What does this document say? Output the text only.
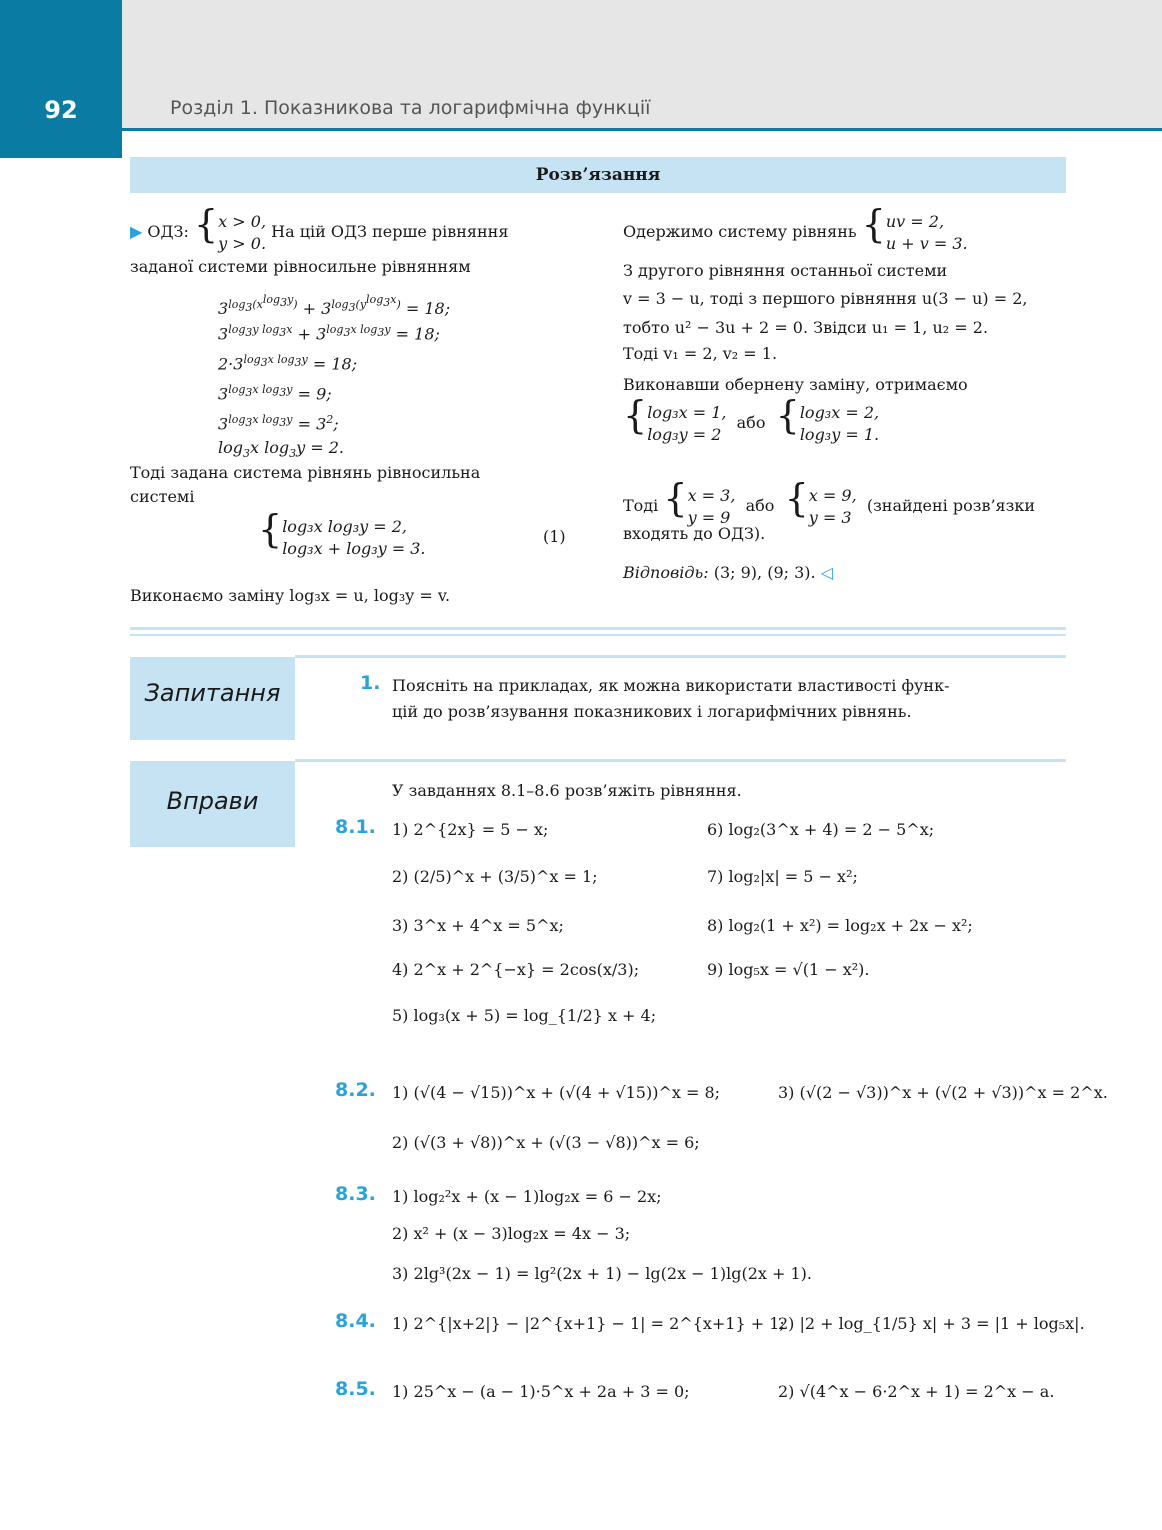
92	Розділ 1. Показникова та логарифмічна функції
Розв’язання
▶ ОДЗ: {x > 0,
y > 0. На цій ОДЗ перше рівняння
заданої системи рівносильне рівнянням
$3^{log_3(x^{log_3y})} + 3^{log_3(y^{log_3x})} = 18$;
$3^{log_3y log_3x} + 3^{log_3x log_3y} = 18$;
$2\cdot 3^{log_3x log_3y} = 18$;
$3^{log_3x log_3y} = 9$;
$3^{log_3x log_3y} = 3^2$;
$\log_3x$ $\log_3y = 2$.
Тоді задана система рівнянь рівносильна
системі
{log₃x log₃y = 2,
log₃x + log₃y = 3.
(1)
Виконаємо заміну log₃x = u, log₃y = v.
Одержимо систему рівнянь {uv = 2,
u + v = 3.
З другого рівняння останньої системи
v = 3 − u, тоді з першого рівняння u(3 − u) = 2,
тобто u² − 3u + 2 = 0. Звідси u₁ = 1, u₂ = 2.
Тоді v₁ = 2, v₂ = 1.
Виконавши обернену заміну, отримаємо
{log₃x = 1,
log₃y = 2  або {log₃x = 2,
log₃y = 1.
Тоді {x = 3,
y = 9  або {x = 9,
y = 3  (знайдені розв’язки
входять до ОДЗ).
Відповідь: (3; 9), (9; 3). ◁
Запитання	1. Поясніть на прикладах, як можна використати властивості функ-
цій до розв’язування показникових і логарифмічних рівнянь.
Вправи	У завданнях 8.1–8.6 розв’яжіть рівняння.
8.1. 1) 2^{2x} = 5 − x;
2) (2/5)^x + (3/5)^x = 1;
3) 3^x + 4^x = 5^x;
4) 2^x + 2^{−x} = 2cos(x/3);
5) log₃(x + 5) = log_{1/2} x + 4;
6) log₂(3^x + 4) = 2 − 5^x;
7) log₂|x| = 5 − x²;
8) log₂(1 + x²) = log₂x + 2x − x²;
9) log₅x = √(1 − x²).
8.2. 1) (√(4 − √15))^x + (√(4 + √15))^x = 8;
2) (√(3 + √8))^x + (√(3 − √8))^x = 6;
3) (√(2 − √3))^x + (√(2 + √3))^x = 2^x.
8.3. 1) log₂²x + (x − 1)log₂x = 6 − 2x;
2) x² + (x − 3)log₂x = 4x − 3;
3) 2lg³(2x − 1) = lg²(2x + 1) − lg(2x − 1)lg(2x + 1).
8.4. 1) 2^{|x+2|} − |2^{x+1} − 1| = 2^{x+1} + 1;
2) |2 + log_{1/5} x| + 3 = |1 + log₅x|.
8.5. 1) 25^x − (a − 1)·5^x + 2a + 3 = 0;	2) √(4^x − 6·2^x + 1) = 2^x − a.
